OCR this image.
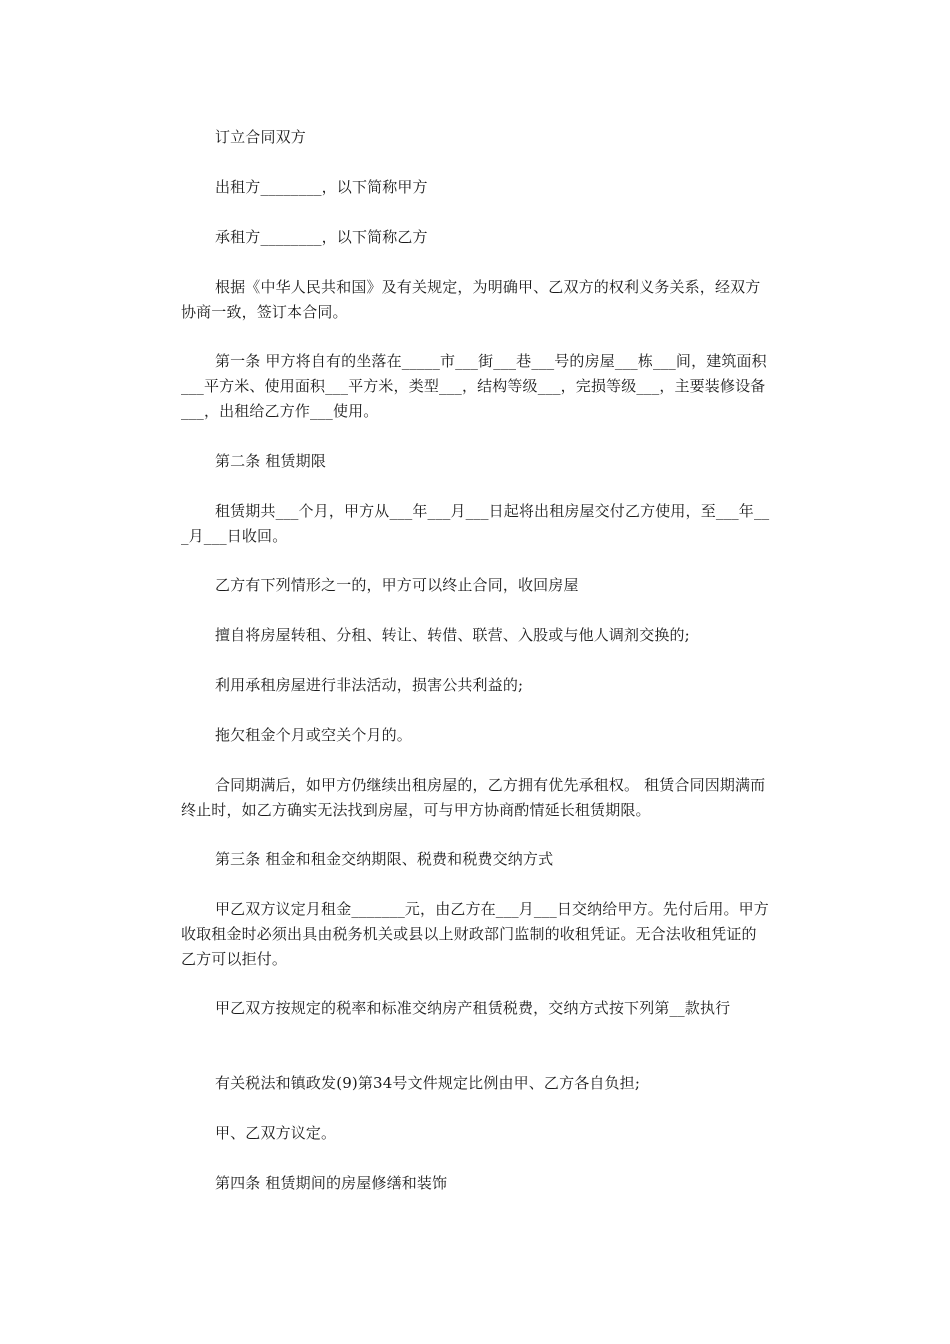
订立合同双方

出租方________，以下简称甲方

承租方________，以下简称乙方

根据《中华人民共和国》及有关规定，为明确甲、乙双方的权利义务关系，经双方协商一致，签订本合同。

第一条 甲方将自有的坐落在_____市___街___巷___号的房屋___栋___间，建筑面积___平方米、使用面积___平方米，类型___，结构等级___，完损等级___，主要装修设备___，出租给乙方作___使用。

第二条 租赁期限

租赁期共___个月，甲方从___年___月___日起将出租房屋交付乙方使用，至___年___月___日收回。

乙方有下列情形之一的，甲方可以终止合同，收回房屋

擅自将房屋转租、分租、转让、转借、联营、入股或与他人调剂交换的;

利用承租房屋进行非法活动，损害公共利益的;

拖欠租金个月或空关个月的。

合同期满后，如甲方仍继续出租房屋的，乙方拥有优先承租权。 租赁合同因期满而终止时，如乙方确实无法找到房屋，可与甲方协商酌情延长租赁期限。

第三条 租金和租金交纳期限、税费和税费交纳方式

甲乙双方议定月租金_______元，由乙方在___月___日交纳给甲方。先付后用。甲方收取租金时必须出具由税务机关或县以上财政部门监制的收租凭证。无合法收租凭证的乙方可以拒付。

甲乙双方按规定的税率和标准交纳房产租赁税费，交纳方式按下列第__款执行

有关税法和镇政发(9)第34号文件规定比例由甲、乙方各自负担;

甲、乙双方议定。

第四条 租赁期间的房屋修缮和装饰
